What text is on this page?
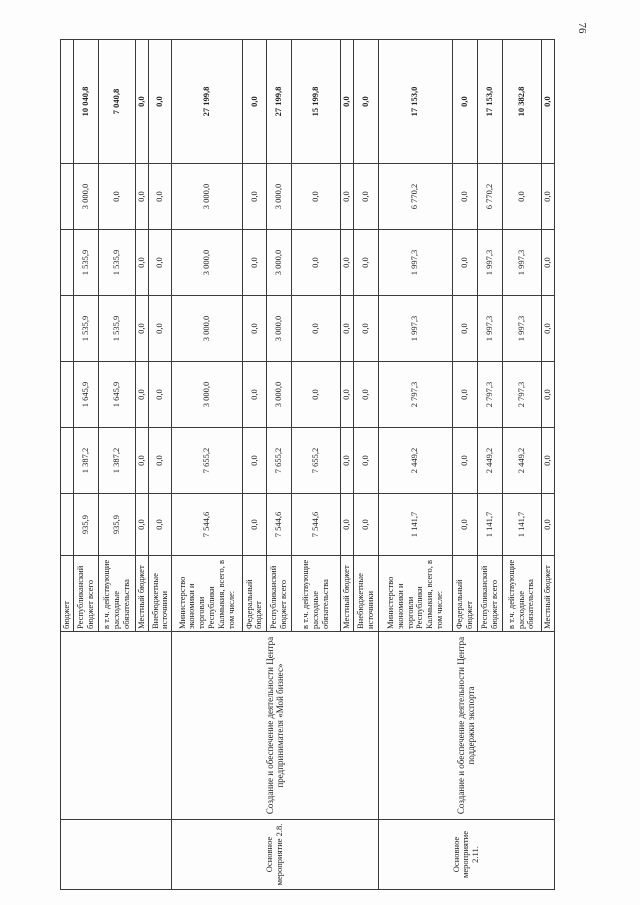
76
		бюджет							
		Республиканский бюджет всего	935,9	1 387,2	1 645,9	1 535,9	1 535,9	3 000,0	10 040,8
		в т.ч. действующие расходные обязательства	935,9	1 387,2	1 645,9	1 535,9	1 535,9	0,0	7 040,8
		Местный бюджет	0,0	0,0	0,0	0,0	0,0	0,0	0,0
		Внебюджетные источники	0,0	0,0	0,0	0,0	0,0	0,0	0,0
Основное мероприятие 2.8.	Создание и обеспечение деятельности Центра предпринимателя «Мой бизнес»	Министерство экономики и торговли Республики Калмыкия, всего, в том числе:	7 544,6	7 655,2	3 000,0	3 000,0	3 000,0	3 000,0	27 199,8
		Федеральный бюджет	0,0	0,0	0,0	0,0	0,0	0,0	0,0
		Республиканский бюджет всего	7 544,6	7 655,2	3 000,0	3 000,0	3 000,0	3 000,0	27 199,8
		в т.ч. действующие расходные обязательства	7 544,6	7 655,2	0,0	0,0	0,0	0,0	15 199,8
		Местный бюджет	0,0	0,0	0,0	0,0	0,0	0,0	0,0
		Внебюджетные источники	0,0	0,0	0,0	0,0	0,0	0,0	0,0
Основное мероприятие 2.11.	Создание и обеспечение деятельности Центра поддержки экспорта	Министерство экономики и торговли Республики Калмыкия, всего, в том числе:	1 141,7	2 449,2	2 797,3	1 997,3	1 997,3	6 770,2	17 153,0
		Федеральный бюджет	0,0	0,0	0,0	0,0	0,0	0,0	0,0
		Республиканский бюджет всего	1 141,7	2 449,2	2 797,3	1 997,3	1 997,3	6 770,2	17 153,0
		в т.ч. действующие расходные обязательства	1 141,7	2 449,2	2 797,3	1 997,3	1 997,3	0,0	10 382,8
		Местный бюджет	0,0	0,0	0,0	0,0	0,0	0,0	0,0
